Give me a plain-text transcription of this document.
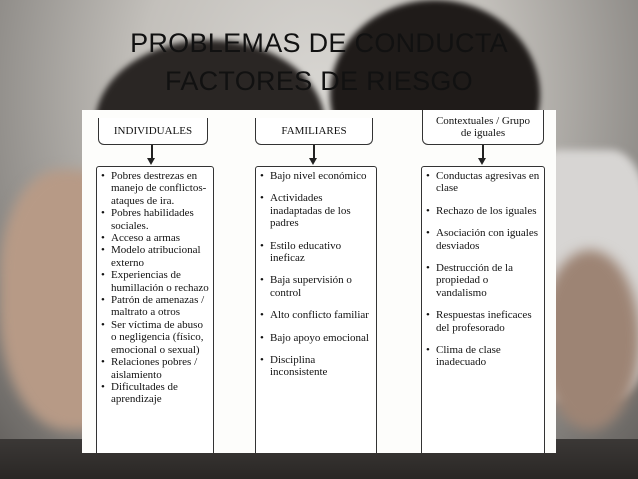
PROBLEMAS DE CONDUCTA
FACTORES DE RIESGO
INDIVIDUALES	FAMILIARES
Contextuales / Grupo
de iguales
• Pobres destrezas en manejo de conflictos-ataques de ira.
• Pobres habilidades sociales.
• Acceso a armas
• Modelo atribucional externo
• Experiencias de humillación o rechazo
• Patrón de amenazas / maltrato a otros
• Ser víctima de abuso o negligencia (físico, emocional o sexual)
• Relaciones pobres / aislamiento
• Dificultades de aprendizaje
• Bajo nivel económico
• Actividades inadaptadas de los padres
• Estilo educativo ineficaz
• Baja supervisión o control
• Alto conflicto familiar
• Bajo apoyo emocional
• Disciplina inconsistente
• Conductas agresivas en clase
• Rechazo de los iguales
• Asociación con iguales desviados
• Destrucción de la propiedad o vandalismo
• Respuestas ineficaces del profesorado
• Clima de clase inadecuado
